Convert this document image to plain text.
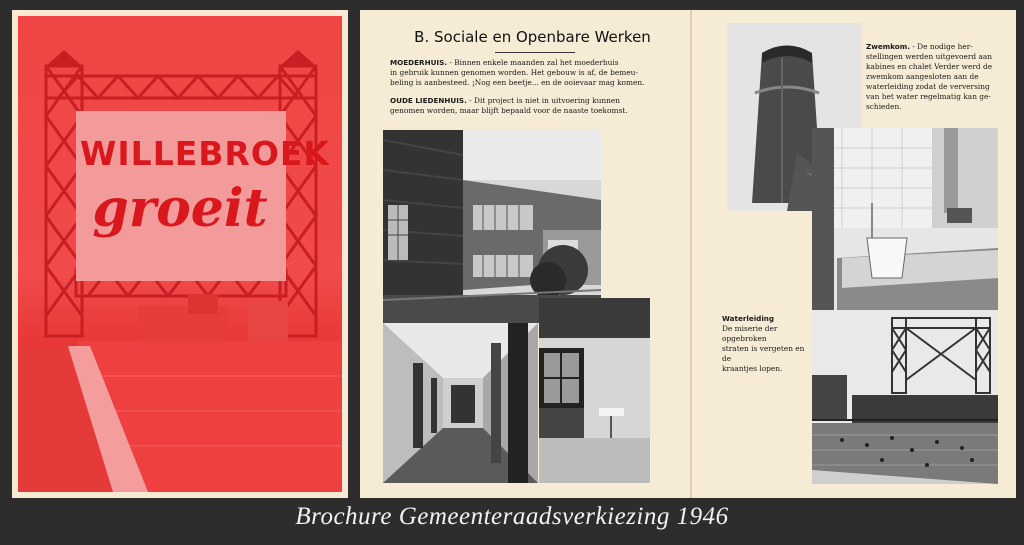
WILLEBROEK
groeit
B. Sociale en Openbare Werken
MOEDERHUIS. - Binnen enkele maanden zal het moederhuis
in gebruik kunnen genomen worden. Het gebouw is af, de bemeu-
beling is aanbesteed. ¡Nog een beetje... en de ooievaar mag komen.
OUDE LIEDENHUIS. - Dit project is niet in uitvoering kunnen
genomen worden, maar blijft bepaald voor de naaste toekomst.
Zwemkom. - De nodige her-
stellingen werden uitgevoerd aan
kabines en chalet Verder werd de
zwemkom aangesloten aan de
waterleiding zodat de verversing
van het water regelmatig kan ge-
schieden.
Waterleiding
De miserie der opgebroken
straten is vergeten en de
kraantjes lopen.
Brochure Gemeenteraadsverkiezing 1946
